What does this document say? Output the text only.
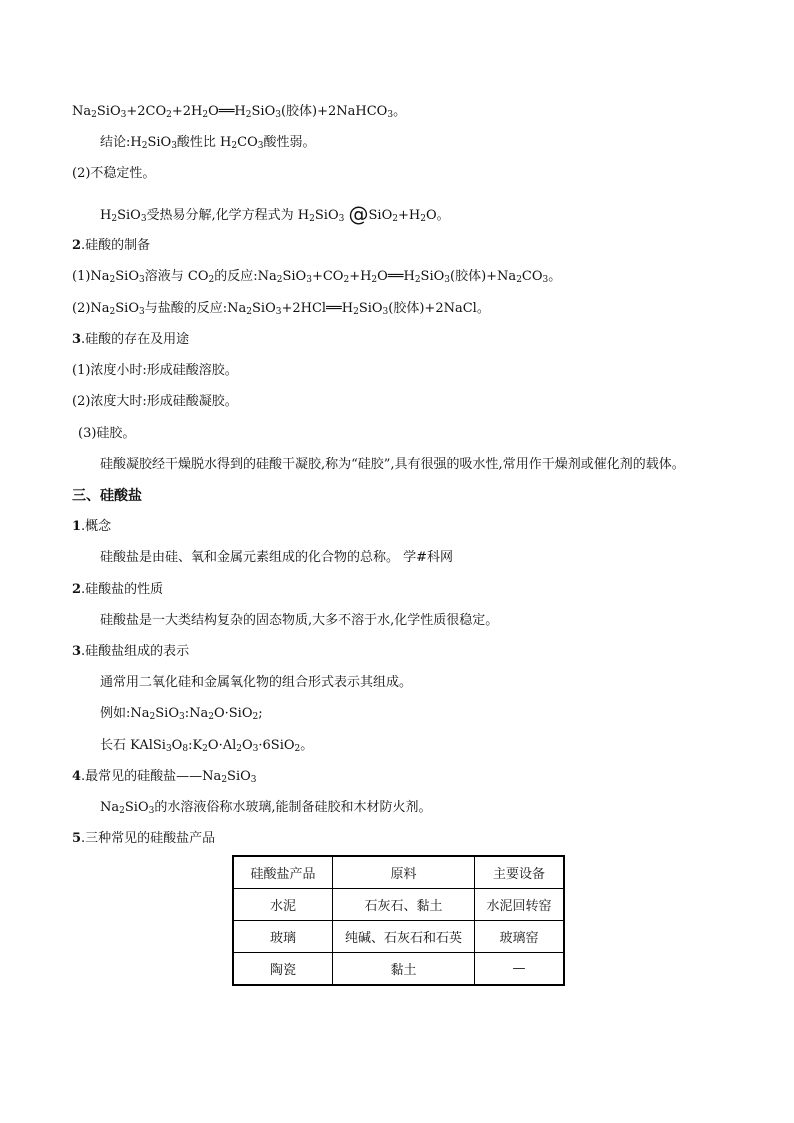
$Na_2SiO_3+2CO_2+2H_2O══H_2SiO_3$(胶体)+2NaHCO$_3$。
结论$:H_2SiO_3$酸性比 $H_2CO_3$酸性弱。
(2)不稳定性。
$H_2SiO_3$受热易分解,化学方程式为 $H_2SiO_3$ $@SiO_2+H_2O$。
2.硅酸的制备
$(1)Na_2SiO_3$溶液与 $CO_2$的反应$:Na_2SiO_3+CO_2+H_2O══H_2SiO_3$(胶体)$+Na_2CO_3$。
$(2)Na_2SiO_3$与盐酸的反应$:Na_2SiO_3+2HCl══H_2SiO_3$(胶体)+2NaCl。
3.硅酸的存在及用途
(1)浓度小时:形成硅酸溶胶。
(2)浓度大时:形成硅酸凝胶。
(3)硅胶。
硅酸凝胶经干燥脱水得到的硅酸干凝胶,称为“硅胶”,具有很强的吸水性,常用作干燥剂或催化剂的载体。
三、硅酸盐
1.概念
硅酸盐是由硅、氧和金属元素组成的化合物的总称。 学#科网
2.硅酸盐的性质
硅酸盐是一大类结构复杂的固态物质,大多不溶于水,化学性质很稳定。
3.硅酸盐组成的表示
通常用二氧化硅和金属氧化物的组合形式表示其组成。
例如$:Na_2SiO_3:Na_2O\cdot SiO_2$;
长石 $KAlSi_3O_8:K_2O\cdot Al_2O_3\cdot 6SiO_2$。
4.最常见的硅酸盐$——Na_2SiO_3$
$Na_2SiO_3$的水溶液俗称水玻璃,能制备硅胶和木材防火剂。
5.三种常见的硅酸盐产品
硅酸盐产品	原料	主要设备
水泥	石灰石、黏土	水泥回转窑
玻璃	纯碱、石灰石和石英	玻璃窑
陶瓷	黏土	—
